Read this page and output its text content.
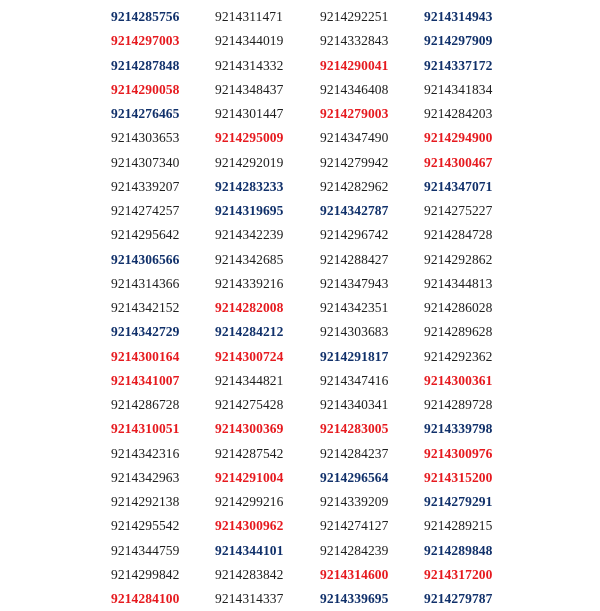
9214285756
9214297003
9214287848
9214290058
9214276465
9214303653
9214307340
9214339207
9214274257
9214295642
9214306566
9214314366
9214342152
9214342729
9214300164
9214341007
9214286728
9214310051
9214342316
9214342963
9214292138
9214295542
9214344759
9214299842
9214284100
9214311471
9214344019
9214314332
9214348437
9214301447
9214295009
9214292019
9214283233
9214319695
9214342239
9214342685
9214339216
9214282008
9214284212
9214300724
9214344821
9214275428
9214300369
9214287542
9214291004
9214299216
9214300962
9214344101
9214283842
9214314337
9214292251
9214332843
9214290041
9214346408
9214279003
9214347490
9214279942
9214282962
9214342787
9214296742
9214288427
9214347943
9214342351
9214303683
9214291817
9214347416
9214340341
9214283005
9214284237
9214296564
9214339209
9214274127
9214284239
9214314600
9214339695
9214314943
9214297909
9214337172
9214341834
9214284203
9214294900
9214300467
9214347071
9214275227
9214284728
9214292862
9214344813
9214286028
9214289628
9214292362
9214300361
9214289728
9214339798
9214300976
9214315200
9214279291
9214289215
9214289848
9214317200
9214279787
